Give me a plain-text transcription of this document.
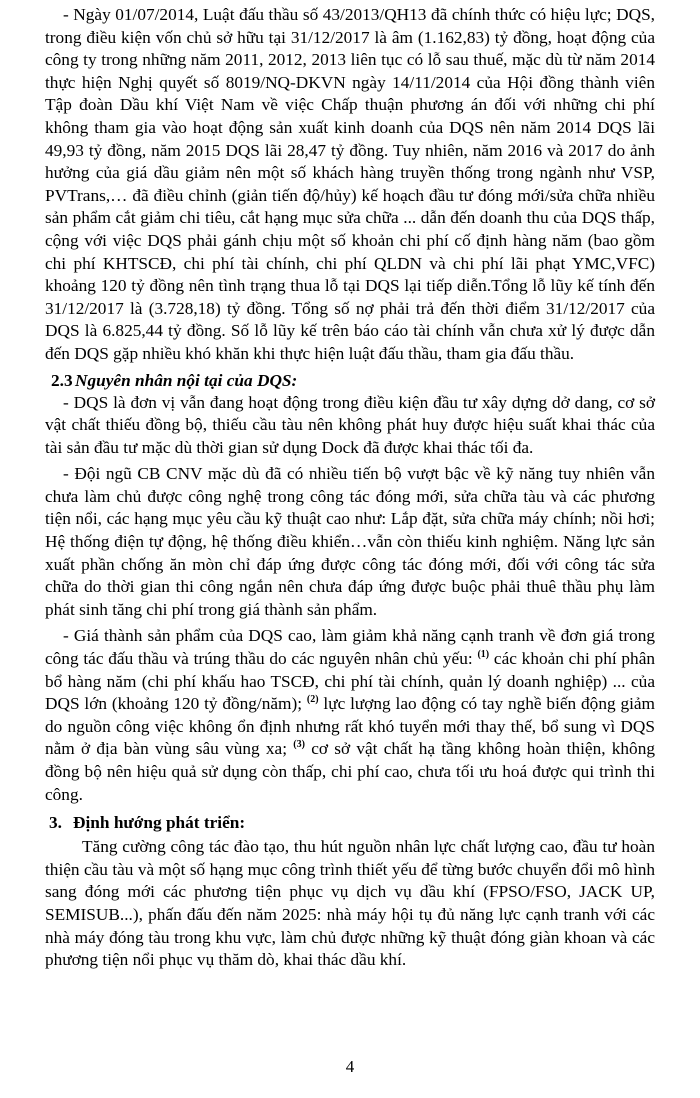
- Ngày 01/07/2014, Luật đấu thầu số 43/2013/QH13 đã chính thức có hiệu lực; DQS, trong điều kiện vốn chủ sở hữu tại 31/12/2017 là âm (1.162,83) tỷ đồng, hoạt động của công ty trong những năm 2011, 2012, 2013 liên tục có lỗ sau thuế, mặc dù từ năm 2014 thực hiện Nghị quyết số 8019/NQ-DKVN ngày 14/11/2014 của Hội đồng thành viên Tập đoàn Dầu khí Việt Nam về việc Chấp thuận phương án đối với những chi phí không tham gia vào hoạt động sản xuất kinh doanh của DQS nên năm 2014 DQS lãi 49,93 tỷ đồng, năm 2015 DQS lãi 28,47 tỷ đồng. Tuy nhiên, năm 2016 và 2017 do ảnh hưởng của giá dầu giảm nên một số khách hàng truyền thống trong ngành như VSP, PVTrans,… đã điều chỉnh (giản tiến độ/hủy) kế hoạch đầu tư đóng mới/sửa chữa nhiều sản phẩm cắt giảm chi tiêu, cắt hạng mục sửa chữa ... dẫn đến doanh thu của DQS thấp, cộng với việc DQS phải gánh chịu một số khoản chi phí cố định hàng năm (bao gồm chi phí KHTSCĐ, chi phí tài chính, chi phí QLDN và chi phí lãi phạt YMC,VFC) khoảng 120 tỷ đồng nên tình trạng thua lỗ tại DQS lại tiếp diễn.Tổng lỗ lũy kế tính đến 31/12/2017 là (3.728,18) tỷ đồng. Tổng số nợ phải trả đến thời điểm 31/12/2017 của DQS là 6.825,44 tỷ đồng. Số lỗ lũy kế trên báo cáo tài chính vẫn chưa xử lý được dẫn đến DQS gặp nhiều khó khăn khi thực hiện luật đấu thầu, tham gia đấu thầu.

2.3 Nguyên nhân nội tại của DQS:

- DQS là đơn vị vẫn đang hoạt động trong điều kiện đầu tư xây dựng dở dang, cơ sở vật chất thiếu đồng bộ, thiếu cầu tàu nên không phát huy được hiệu suất khai thác của tài sản đầu tư mặc dù thời gian sử dụng Dock đã được khai thác tối đa.

- Đội ngũ CB CNV mặc dù đã có nhiều tiến bộ vượt bậc về kỹ năng tuy nhiên vẫn chưa làm chủ được công nghệ trong công tác đóng mới, sửa chữa tàu và các phương tiện nổi, các hạng mục yêu cầu kỹ thuật cao như: Lắp đặt, sửa chữa máy chính; nồi hơi; Hệ thống điện tự động, hệ thống điều khiển…vẫn còn thiếu kinh nghiệm. Năng lực sản xuất phần chống ăn mòn chỉ đáp ứng được công tác đóng mới, đối với công tác sửa chữa do thời gian thi công ngắn nên chưa đáp ứng được buộc phải thuê thầu phụ làm phát sinh tăng chi phí trong giá thành sản phẩm.

- Giá thành sản phẩm của DQS cao, làm giảm khả năng cạnh tranh về đơn giá trong công tác đấu thầu và trúng thầu do các nguyên nhân chủ yếu: $^{(1)}$ các khoản chi phí phân bổ hàng năm (chi phí khấu hao TSCĐ, chi phí tài chính, quản lý doanh nghiệp) ... của DQS lớn (khoảng 120 tỷ đồng/năm); $^{(2)}$ lực lượng lao động có tay nghề biến động giảm do nguồn công việc không ổn định nhưng rất khó tuyển mới thay thế, bổ sung vì DQS nằm ở địa bàn vùng sâu vùng xa; $^{(3)}$ cơ sở vật chất hạ tầng không hoàn thiện, không đồng bộ nên hiệu quả sử dụng còn thấp, chi phí cao, chưa tối ưu hoá được qui trình thi công.

3. Định hướng phát triển:

Tăng cường công tác đào tạo, thu hút nguồn nhân lực chất lượng cao, đầu tư hoàn thiện cầu tàu và một số hạng mục công trình thiết yếu để từng bước chuyển đổi mô hình sang đóng mới các phương tiện phục vụ dịch vụ dầu khí (FPSO/FSO, JACK UP, SEMISUB...), phấn đấu đến năm 2025: nhà máy hội tụ đủ năng lực cạnh tranh với các nhà máy đóng tàu trong khu vực, làm chủ được những kỹ thuật đóng giàn khoan và các phương tiện nổi phục vụ thăm dò, khai thác dầu khí.

4
